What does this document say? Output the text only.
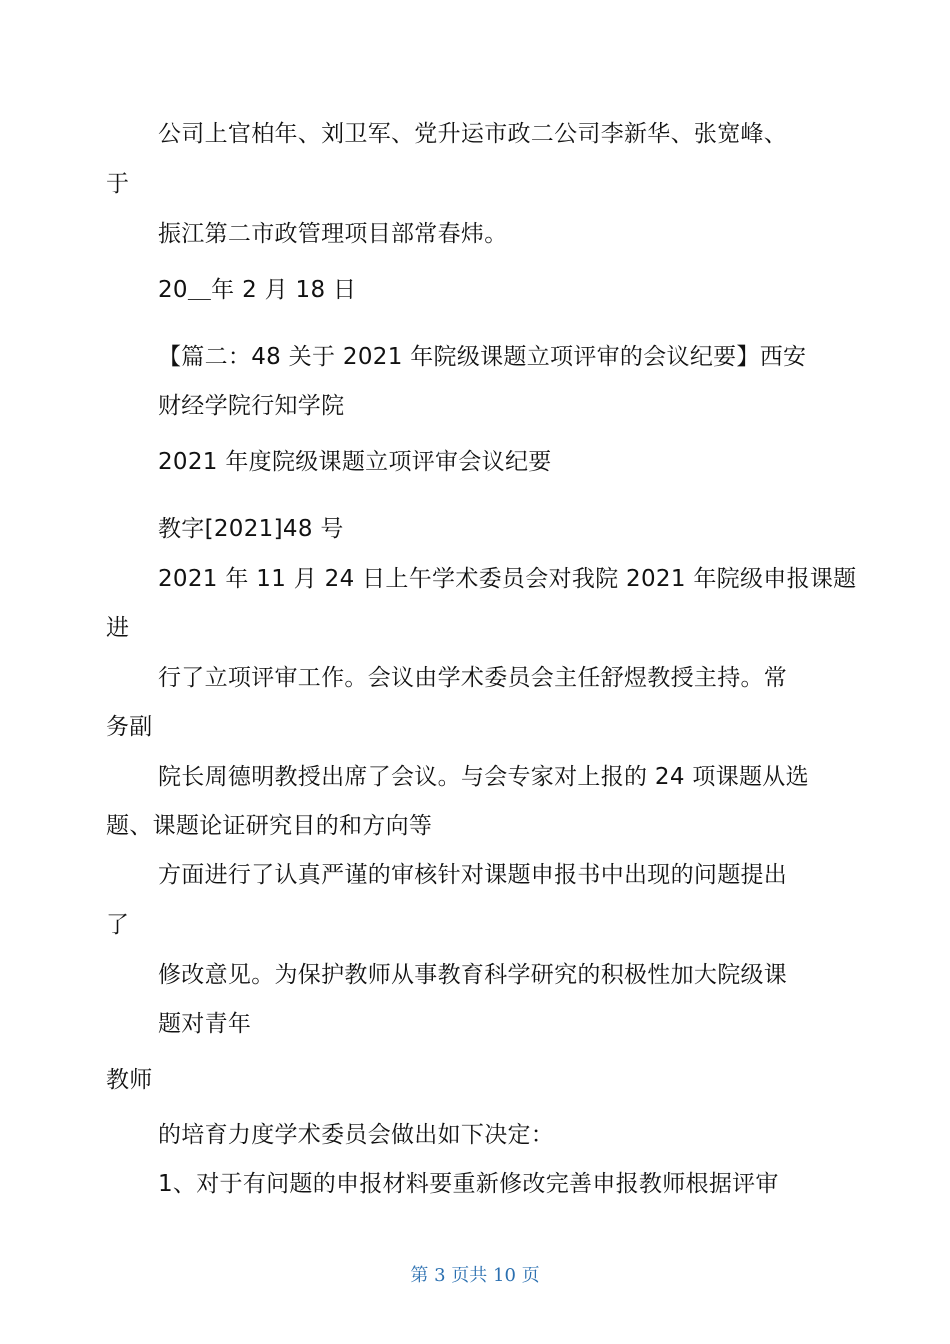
公司上官柏年、刘卫军、党升运市政二公司李新华、张宽峰、
于
振江第二市政管理项目部常春炜。
20＿年 2 月 18 日
【篇二：48 关于 2021 年院级课题立项评审的会议纪要】西安
财经学院行知学院
2021 年度院级课题立项评审会议纪要
教字[2021]48 号
2021 年 11 月 24 日上午学术委员会对我院 2021 年院级申报课题
进
行了立项评审工作。会议由学术委员会主任舒煜教授主持。常
务副
院长周德明教授出席了会议。与会专家对上报的 24 项课题从选
题、课题论证研究目的和方向等
方面进行了认真严谨的审核针对课题申报书中出现的问题提出
了
修改意见。为保护教师从事教育科学研究的积极性加大院级课
题对青年
教师
的培育力度学术委员会做出如下决定：
1、对于有问题的申报材料要重新修改完善申报教师根据评审
第 3 页共 10 页
